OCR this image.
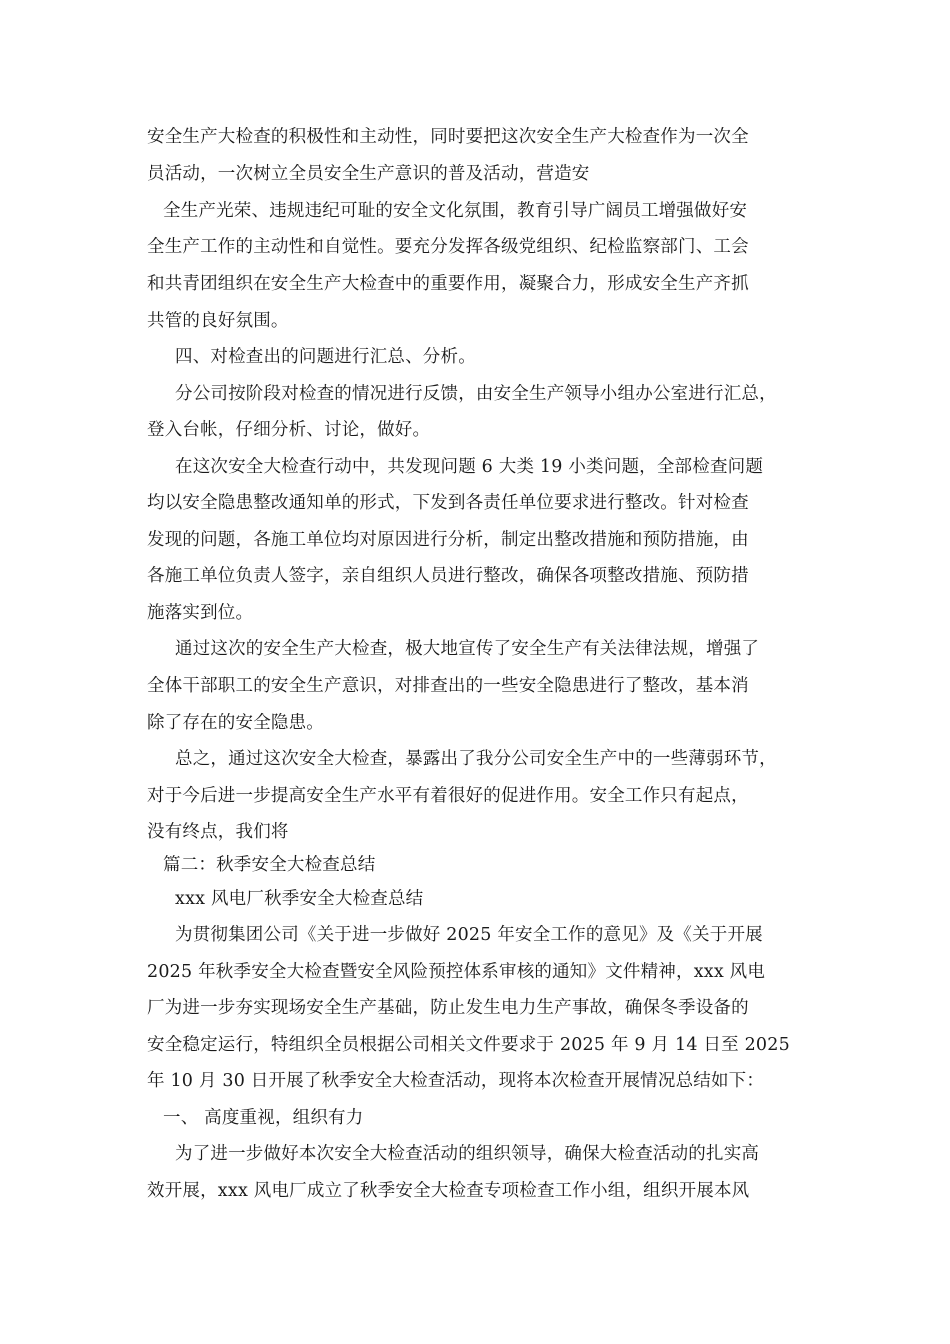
安全生产大检查的积极性和主动性，同时要把这次安全生产大检查作为一次全
员活动，一次树立全员安全生产意识的普及活动，营造安
全生产光荣、违规违纪可耻的安全文化氛围，教育引导广阔员工增强做好安
全生产工作的主动性和自觉性。要充分发挥各级党组织、纪检监察部门、工会
和共青团组织在安全生产大检查中的重要作用，凝聚合力，形成安全生产齐抓
共管的良好氛围。
四、对检查出的问题进行汇总、分析。
分公司按阶段对检查的情况进行反馈，由安全生产领导小组办公室进行汇总，
登入台帐，仔细分析、讨论，做好。
在这次安全大检查行动中，共发现问题 6 大类 19 小类问题，全部检查问题
均以安全隐患整改通知单的形式，下发到各责任单位要求进行整改。针对检查
发现的问题，各施工单位均对原因进行分析，制定出整改措施和预防措施，由
各施工单位负责人签字，亲自组织人员进行整改，确保各项整改措施、预防措
施落实到位。
通过这次的安全生产大检查，极大地宣传了安全生产有关法律法规，增强了
全体干部职工的安全生产意识，对排查出的一些安全隐患进行了整改，基本消
除了存在的安全隐患。
总之，通过这次安全大检查，暴露出了我分公司安全生产中的一些薄弱环节，
对于今后进一步提高安全生产水平有着很好的促进作用。安全工作只有起点，
没有终点，我们将
篇二：秋季安全大检查总结
xxx 风电厂秋季安全大检查总结
为贯彻集团公司《关于进一步做好 2025 年安全工作的意见》及《关于开展
2025 年秋季安全大检查暨安全风险预控体系审核的通知》文件精神，xxx 风电
厂为进一步夯实现场安全生产基础，防止发生电力生产事故，确保冬季设备的
安全稳定运行，特组织全员根据公司相关文件要求于 2025 年 9 月 14 日至 2025
年 10 月 30 日开展了秋季安全大检查活动，现将本次检查开展情况总结如下：
一、 高度重视，组织有力
为了进一步做好本次安全大检查活动的组织领导，确保大检查活动的扎实高
效开展，xxx 风电厂成立了秋季安全大检查专项检查工作小组，组织开展本风
